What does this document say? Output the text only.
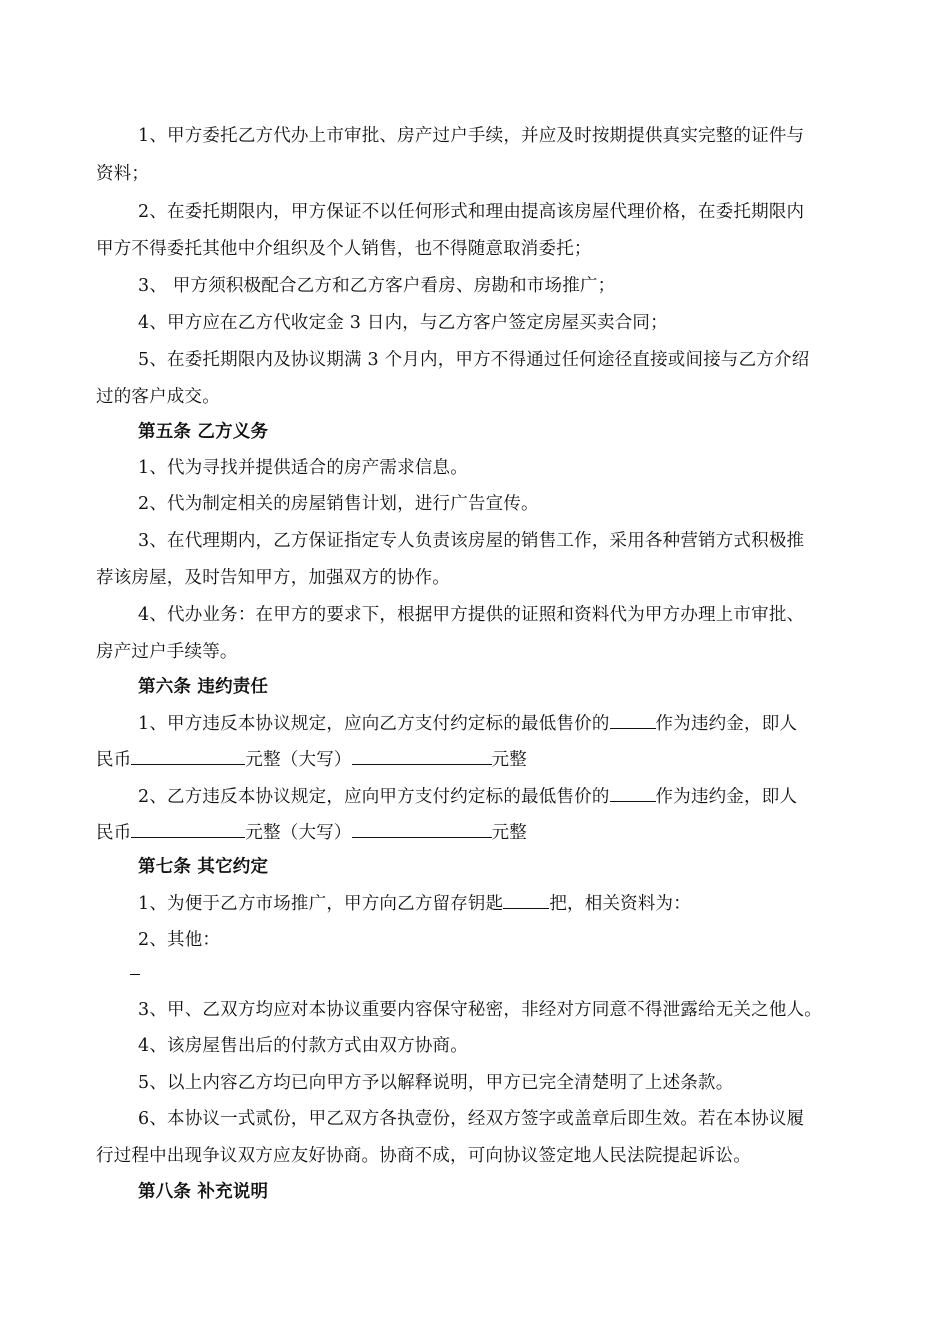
1、甲方委托乙方代办上市审批、房产过户手续，并应及时按期提供真实完整的证件与
资料；
2、在委托期限内，甲方保证不以任何形式和理由提高该房屋代理价格，在委托期限内
甲方不得委托其他中介组织及个人销售，也不得随意取消委托；
3、 甲方须积极配合乙方和乙方客户看房、房勘和市场推广；
4、甲方应在乙方代收定金 3 日内，与乙方客户签定房屋买卖合同；
5、在委托期限内及协议期满 3 个月内，甲方不得通过任何途径直接或间接与乙方介绍
过的客户成交。
第五条 乙方义务
1、代为寻找并提供适合的房产需求信息。
2、代为制定相关的房屋销售计划，进行广告宣传。
3、在代理期内，乙方保证指定专人负责该房屋的销售工作，采用各种营销方式积极推
荐该房屋，及时告知甲方，加强双方的协作。
4、代办业务：在甲方的要求下，根据甲方提供的证照和资料代为甲方办理上市审批、
房产过户手续等。
第六条 违约责任
1、甲方违反本协议规定，应向乙方支付约定标的最低售价的	作为违约金，即人
民币	元整（大写）	元整
2、乙方违反本协议规定，应向甲方支付约定标的最低售价的	作为违约金，即人
民币	元整（大写）	元整
第七条 其它约定
1、为便于乙方市场推广，甲方向乙方留存钥匙	把，相关资料为：
2、其他：
3、甲、乙双方均应对本协议重要内容保守秘密，非经对方同意不得泄露给无关之他人。
4、该房屋售出后的付款方式由双方协商。
5、以上内容乙方均已向甲方予以解释说明，甲方已完全清楚明了上述条款。
6、本协议一式贰份，甲乙双方各执壹份，经双方签字或盖章后即生效。若在本协议履
行过程中出现争议双方应友好协商。协商不成，可向协议签定地人民法院提起诉讼。
第八条 补充说明
